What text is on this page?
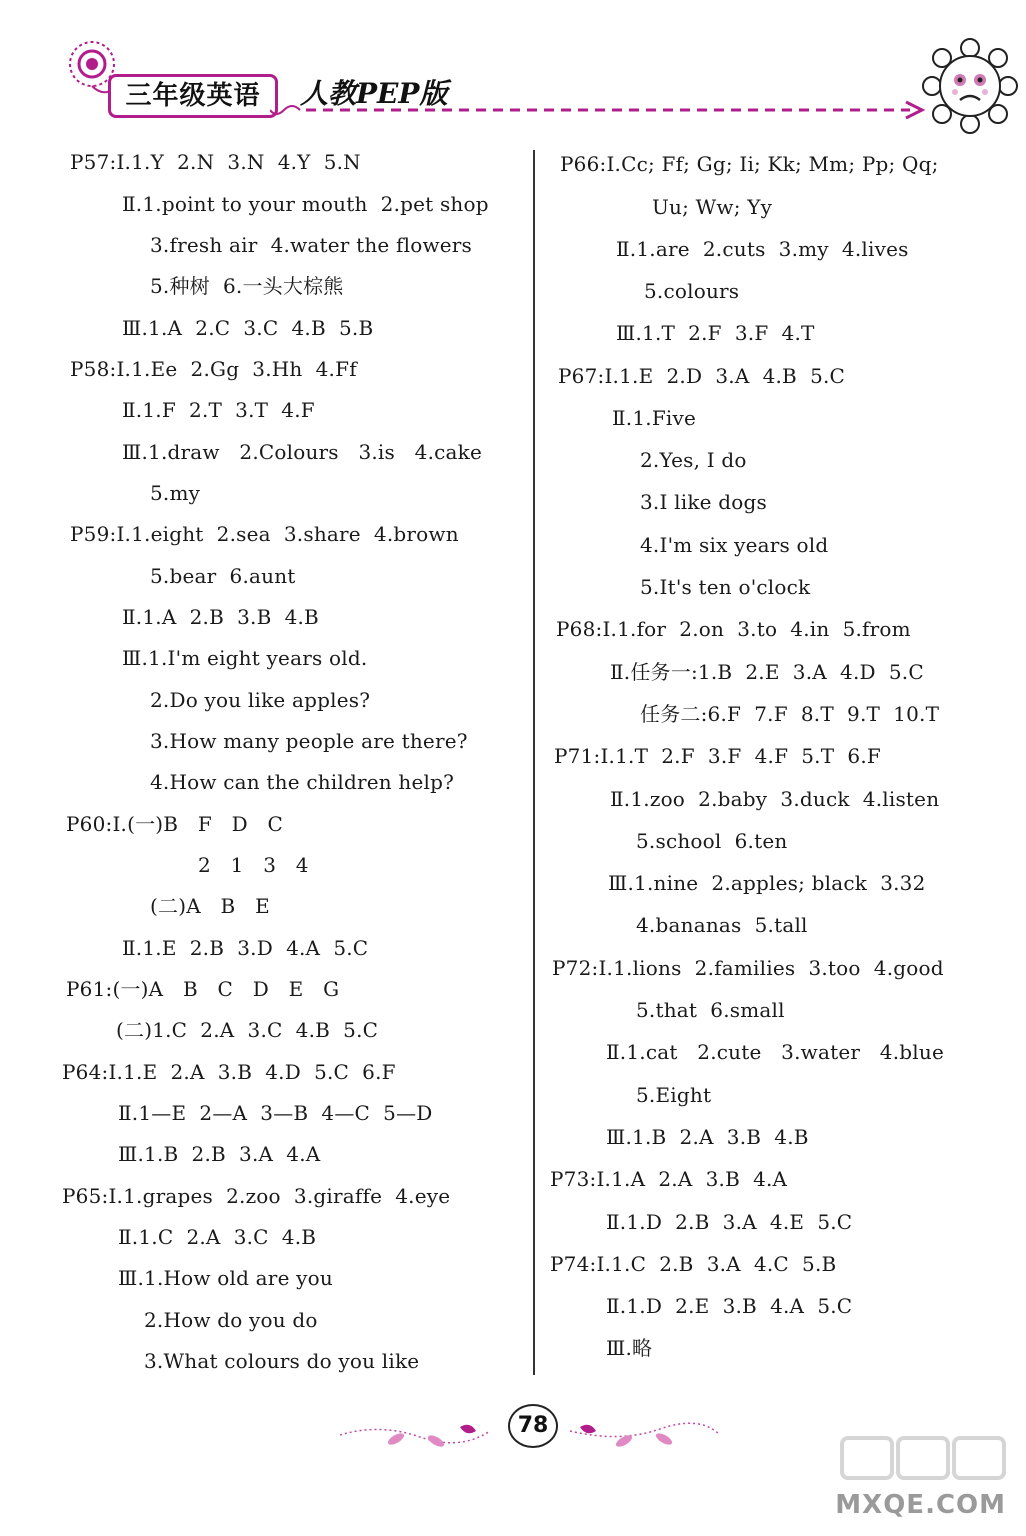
三年级英语	人教PEP版
P57:Ⅰ.1.Y  2.N  3.N  4.Y  5.N
Ⅱ.1.point to your mouth  2.pet shop
3.fresh air  4.water the flowers
5.种树  6.一头大棕熊
Ⅲ.1.A  2.C  3.C  4.B  5.B
P58:Ⅰ.1.Ee  2.Gg  3.Hh  4.Ff
Ⅱ.1.F  2.T  3.T  4.F
Ⅲ.1.draw   2.Colours   3.is   4.cake
5.my
P59:Ⅰ.1.eight  2.sea  3.share  4.brown
5.bear  6.aunt
Ⅱ.1.A  2.B  3.B  4.B
Ⅲ.1.I'm eight years old.
2.Do you like apples?
3.How many people are there?
4.How can the children help?
P60:Ⅰ.(一)B   F   D   C
2   1   3   4
(二)A   B   E
Ⅱ.1.E  2.B  3.D  4.A  5.C
P61:(一)A   B   C   D   E   G
(二)1.C  2.A  3.C  4.B  5.C
P64:Ⅰ.1.E  2.A  3.B  4.D  5.C  6.F
Ⅱ.1—E  2—A  3—B  4—C  5—D
Ⅲ.1.B  2.B  3.A  4.A
P65:Ⅰ.1.grapes  2.zoo  3.giraffe  4.eye
Ⅱ.1.C  2.A  3.C  4.B
Ⅲ.1.How old are you
2.How do you do
3.What colours do you like
P66:Ⅰ.Cc; Ff; Gg; Ii; Kk; Mm; Pp; Qq;
Uu; Ww; Yy
Ⅱ.1.are  2.cuts  3.my  4.lives
5.colours
Ⅲ.1.T  2.F  3.F  4.T
P67:Ⅰ.1.E  2.D  3.A  4.B  5.C
Ⅱ.1.Five
2.Yes, I do
3.I like dogs
4.I'm six years old
5.It's ten o'clock
P68:Ⅰ.1.for  2.on  3.to  4.in  5.from
Ⅱ.任务一:1.B  2.E  3.A  4.D  5.C
任务二:6.F  7.F  8.T  9.T  10.T
P71:Ⅰ.1.T  2.F  3.F  4.F  5.T  6.F
Ⅱ.1.zoo  2.baby  3.duck  4.listen
5.school  6.ten
Ⅲ.1.nine  2.apples; black  3.32
4.bananas  5.tall
P72:Ⅰ.1.lions  2.families  3.too  4.good
5.that  6.small
Ⅱ.1.cat   2.cute   3.water   4.blue
5.Eight
Ⅲ.1.B  2.A  3.B  4.B
P73:Ⅰ.1.A  2.A  3.B  4.A
Ⅱ.1.D  2.B  3.A  4.E  5.C
P74:Ⅰ.1.C  2.B  3.A  4.C  5.B
Ⅱ.1.D  2.E  3.B  4.A  5.C
Ⅲ.略
78
MXQE.COM
